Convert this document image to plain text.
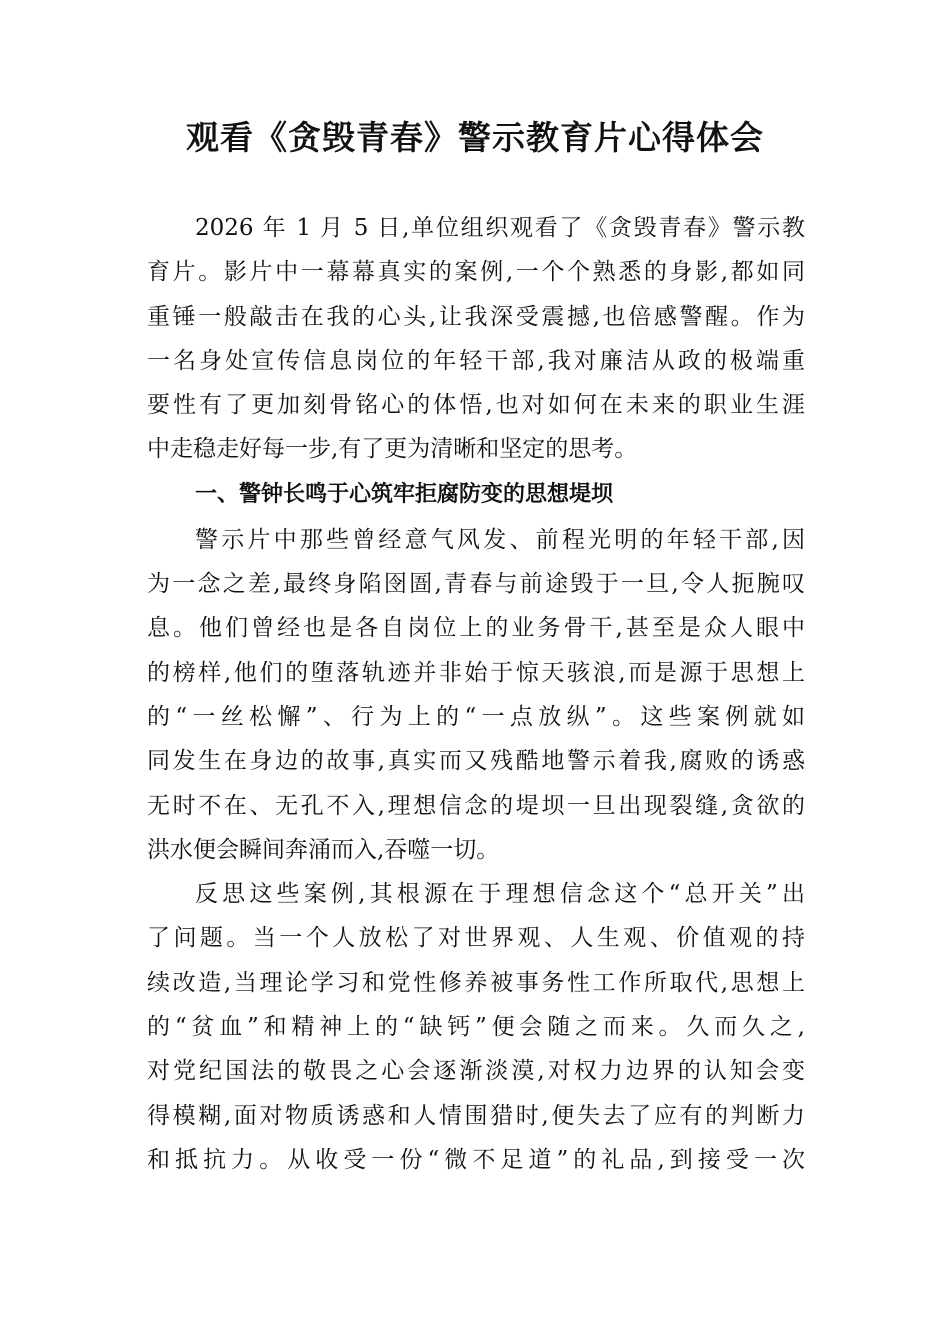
观看《贪毁青春》警示教育片心得体会
2026 年 1 月 5 日,单位组织观看了《贪毁青春》警示教
育片。影片中一幕幕真实的案例,一个个熟悉的身影,都如同
重锤一般敲击在我的心头,让我深受震撼,也倍感警醒。作为
一名身处宣传信息岗位的年轻干部,我对廉洁从政的极端重
要性有了更加刻骨铭心的体悟,也对如何在未来的职业生涯
中走稳走好每一步,有了更为清晰和坚定的思考。
一、警钟长鸣于心筑牢拒腐防变的思想堤坝
警示片中那些曾经意气风发、前程光明的年轻干部,因
为一念之差,最终身陷囹圄,青春与前途毁于一旦,令人扼腕叹
息。他们曾经也是各自岗位上的业务骨干,甚至是众人眼中
的榜样,他们的堕落轨迹并非始于惊天骇浪,而是源于思想上
的“一丝松懈”、行为上的“一点放纵”。这些案例就如
同发生在身边的故事,真实而又残酷地警示着我,腐败的诱惑
无时不在、无孔不入,理想信念的堤坝一旦出现裂缝,贪欲的
洪水便会瞬间奔涌而入,吞噬一切。
反思这些案例,其根源在于理想信念这个“总开关”出
了问题。当一个人放松了对世界观、人生观、价值观的持
续改造,当理论学习和党性修养被事务性工作所取代,思想上
的“贫血”和精神上的“缺钙”便会随之而来。久而久之,
对党纪国法的敬畏之心会逐渐淡漠,对权力边界的认知会变
得模糊,面对物质诱惑和人情围猎时,便失去了应有的判断力
和抵抗力。从收受一份“微不足道”的礼品,到接受一次
